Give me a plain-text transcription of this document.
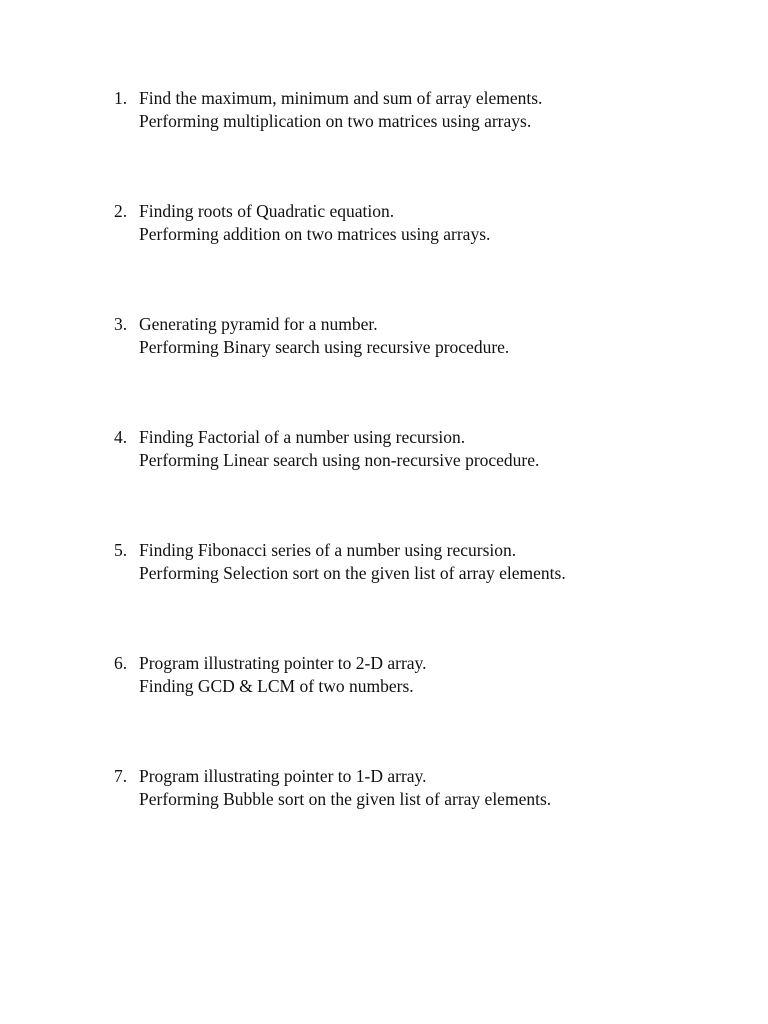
1. Find the maximum, minimum and sum of array elements.
Performing multiplication on two matrices using arrays.
2. Finding roots of Quadratic equation.
Performing addition on two matrices using arrays.
3. Generating pyramid for a number.
Performing Binary search using recursive procedure.
4. Finding Factorial of a number using recursion.
Performing Linear search using non-recursive procedure.
5. Finding Fibonacci series of a number using recursion.
Performing Selection sort on the given list of array elements.
6. Program illustrating pointer to 2-D array.
Finding GCD & LCM of two numbers.
7. Program illustrating pointer to 1-D array.
Performing Bubble sort on the given list of array elements.
